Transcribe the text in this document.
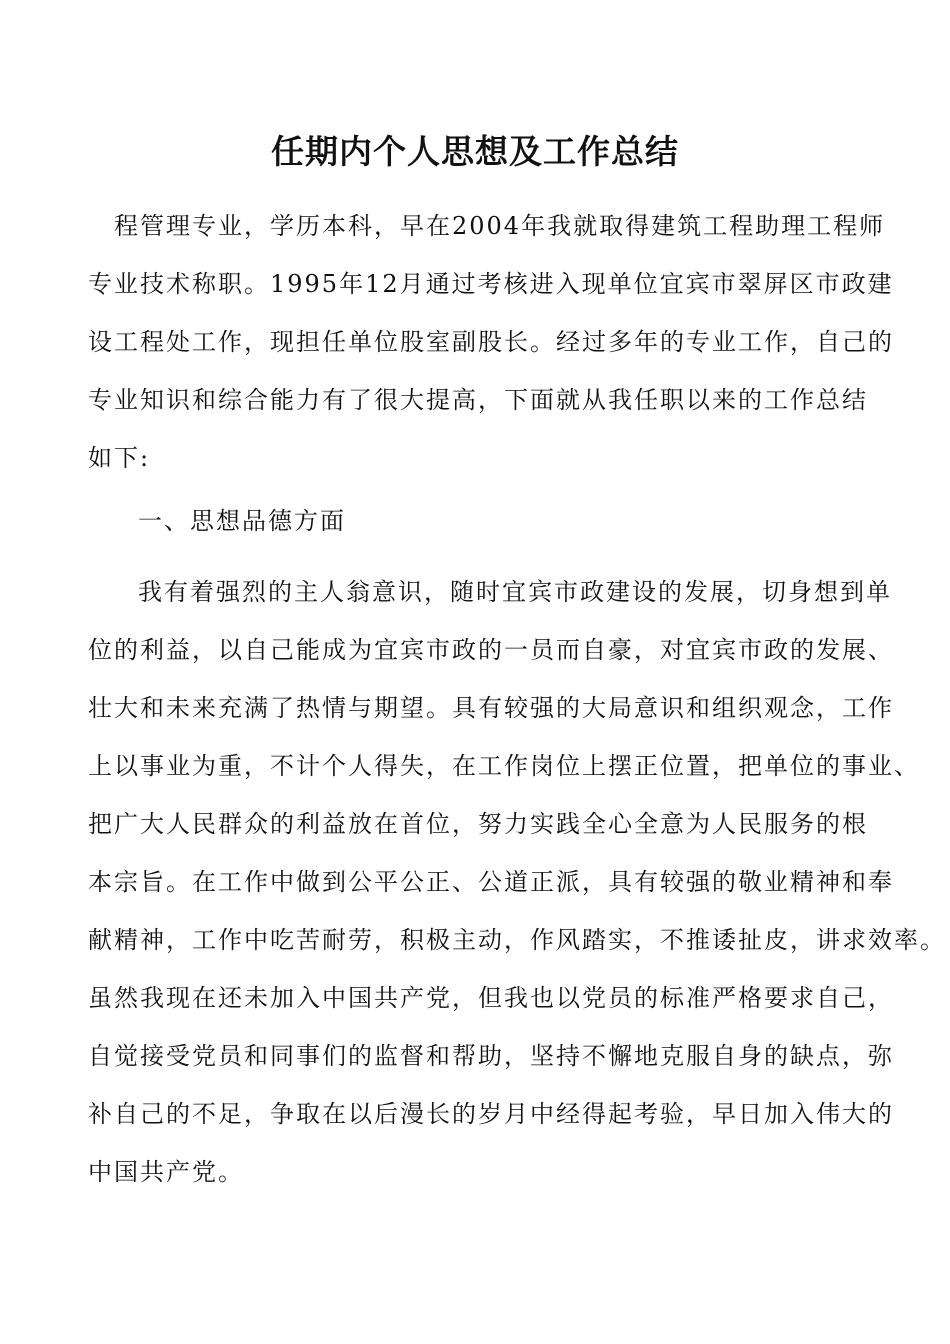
任期内个人思想及工作总结
程管理专业，学历本科，早在2004年我就取得建筑工程助理工程师
专业技术称职。1995年12月通过考核进入现单位宜宾市翠屏区市政建
设工程处工作，现担任单位股室副股长。经过多年的专业工作，自己的
专业知识和综合能力有了很大提高，下面就从我任职以来的工作总结
如下:
一、思想品德方面
我有着强烈的主人翁意识，随时宜宾市政建设的发展，切身想到单
位的利益，以自己能成为宜宾市政的一员而自豪，对宜宾市政的发展、
壮大和未来充满了热情与期望。具有较强的大局意识和组织观念，工作
上以事业为重，不计个人得失，在工作岗位上摆正位置，把单位的事业、
把广大人民群众的利益放在首位，努力实践全心全意为人民服务的根
本宗旨。在工作中做到公平公正、公道正派，具有较强的敬业精神和奉
献精神，工作中吃苦耐劳，积极主动，作风踏实，不推诿扯皮，讲求效率。
虽然我现在还未加入中国共产党，但我也以党员的标准严格要求自己，
自觉接受党员和同事们的监督和帮助，坚持不懈地克服自身的缺点，弥
补自己的不足，争取在以后漫长的岁月中经得起考验，早日加入伟大的
中国共产党。
